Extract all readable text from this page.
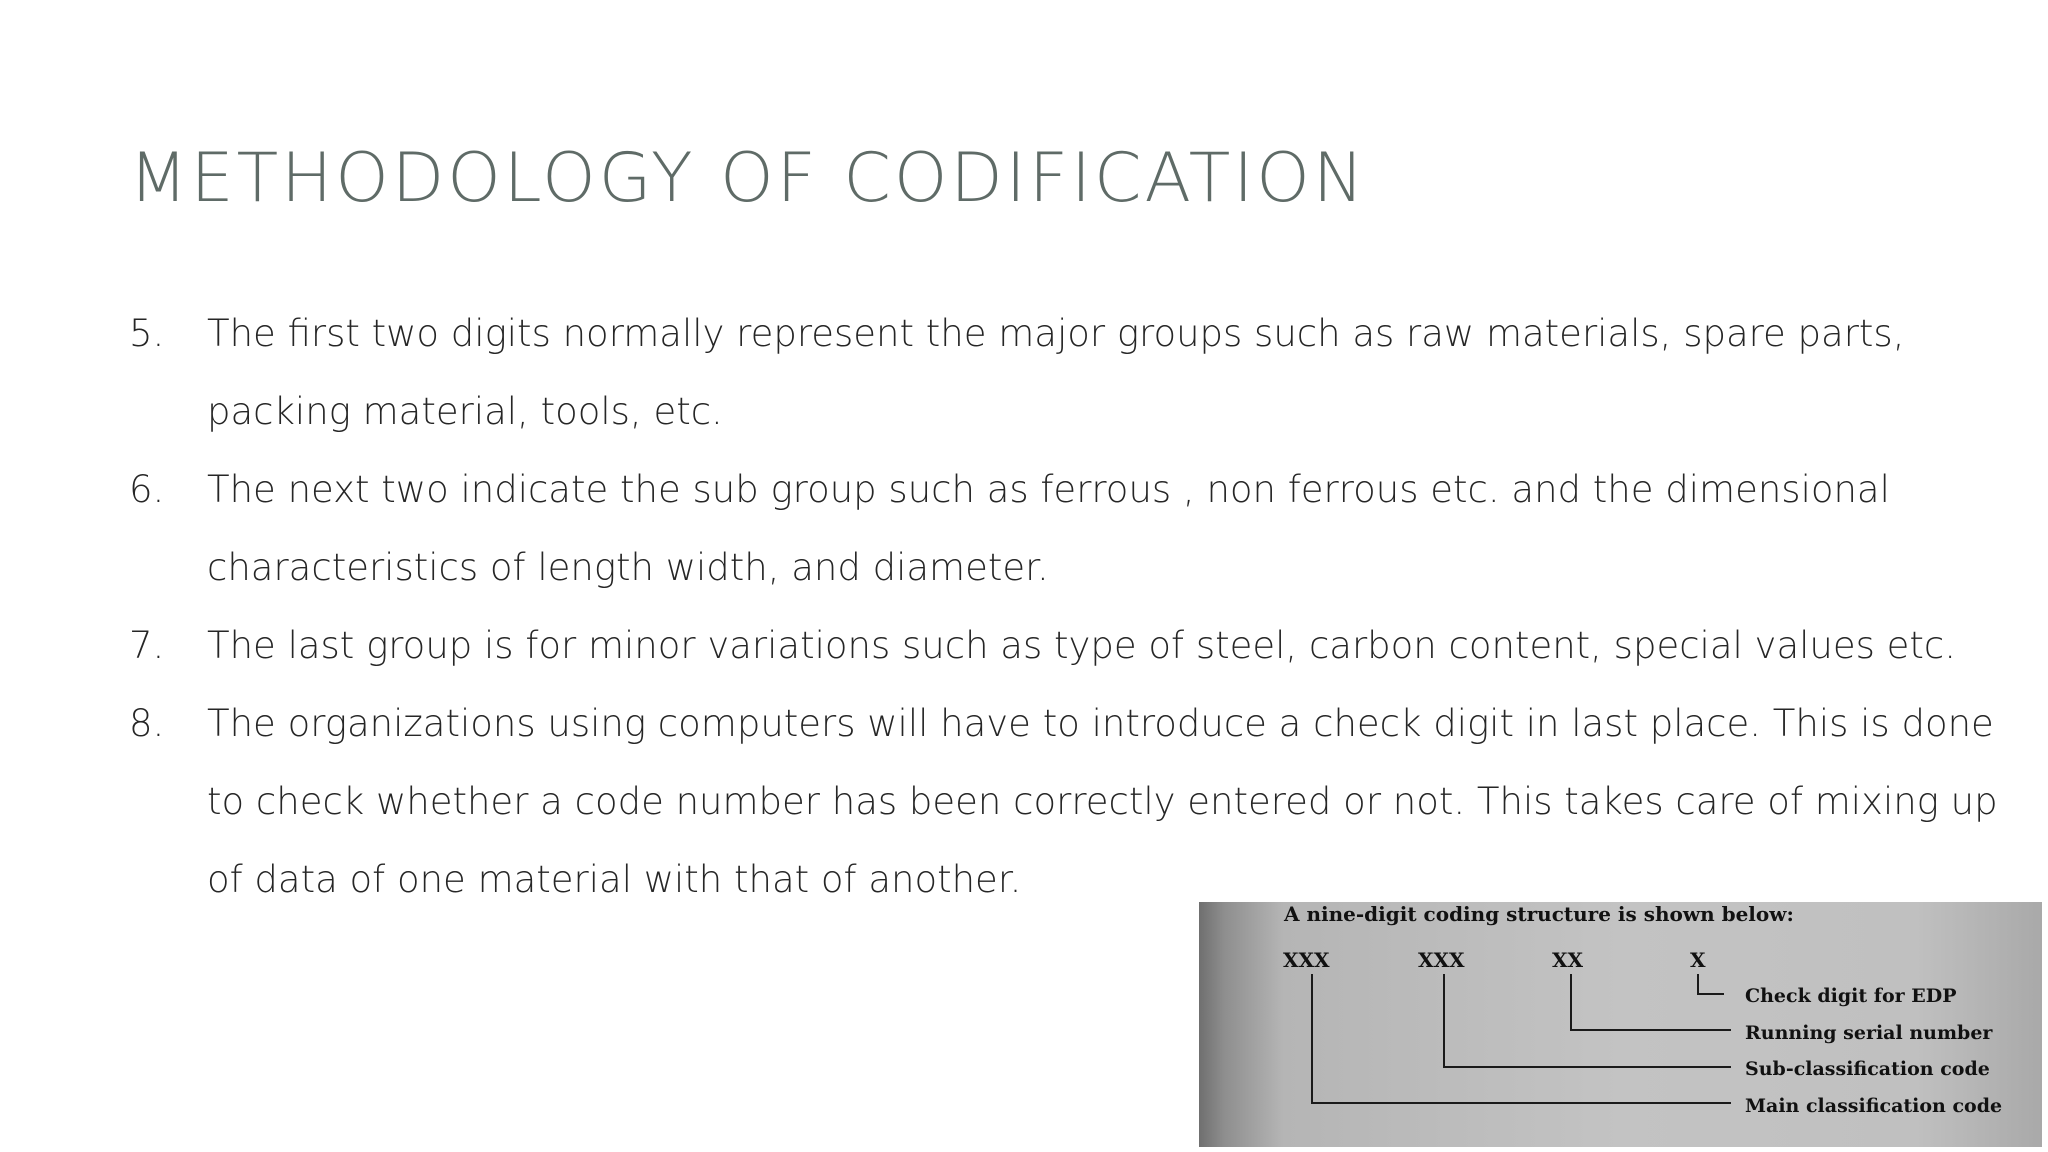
METHODOLOGY OF CODIFICATION
5. The first two digits normally represent the major groups such as raw materials, spare parts, packing material, tools, etc.
6. The next two indicate the sub group such as ferrous , non ferrous etc. and the dimensional characteristics of length width, and diameter.
7. The last group is for minor variations such as type of steel, carbon content, special values etc.
8. The organizations using computers will have to introduce a check digit in last place. This is done to check whether a code number has been correctly entered or not. This takes care of mixing up of data of one material with that of another.
A nine-digit coding structure is shown below:
XXX	XXX	XX	X
Check digit for EDP
Running serial number
Sub-classification code
Main classification code
